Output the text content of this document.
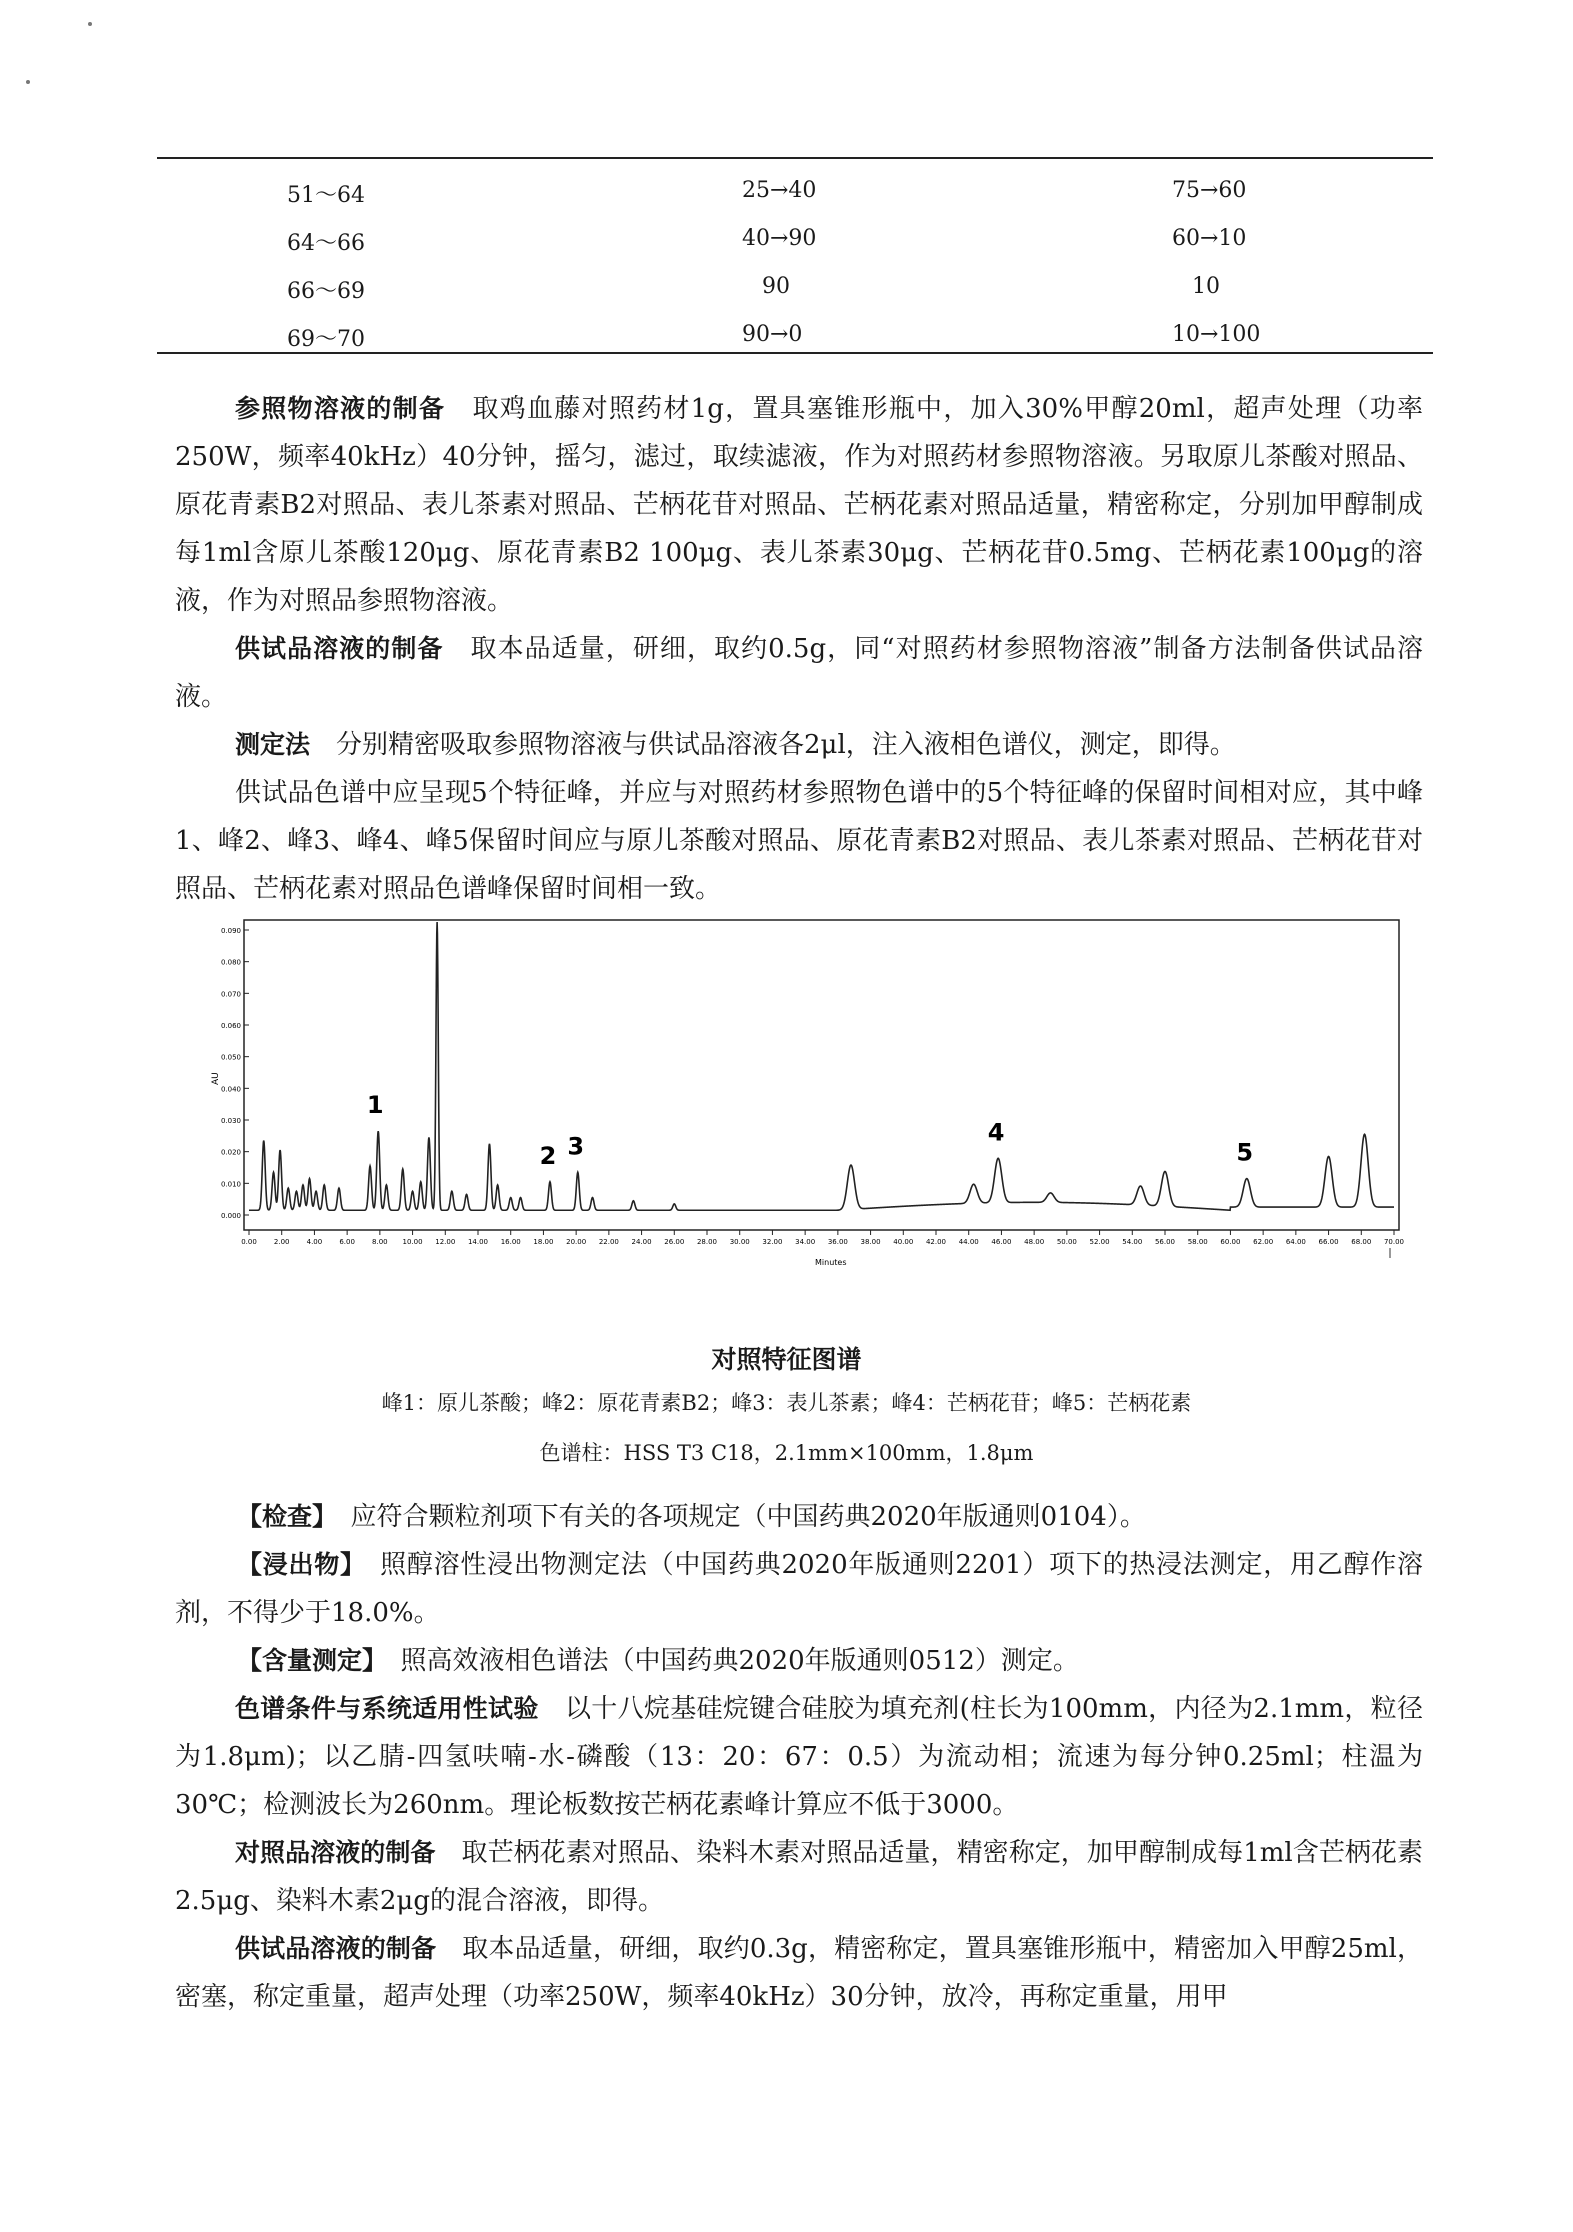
51～64	25→40	75→60
64～66	40→90	60→10
66～69	90	10
69～70	90→0	10→100

参照物溶液的制备　取鸡血藤对照药材1g，置具塞锥形瓶中，加入30%甲醇20ml，超声处理（功率250W，频率40kHz）40分钟，摇匀，滤过，取续滤液，作为对照药材参照物溶液。另取原儿茶酸对照品、原花青素B2对照品、表儿茶素对照品、芒柄花苷对照品、芒柄花素对照品适量，精密称定，分别加甲醇制成每1ml含原儿茶酸120μg、原花青素B2 100μg、表儿茶素30μg、芒柄花苷0.5mg、芒柄花素100μg的溶液，作为对照品参照物溶液。

供试品溶液的制备　取本品适量，研细，取约0.5g，同“对照药材参照物溶液”制备方法制备供试品溶液。

测定法　分别精密吸取参照物溶液与供试品溶液各2μl，注入液相色谱仪，测定，即得。

供试品色谱中应呈现5个特征峰，并应与对照药材参照物色谱中的5个特征峰的保留时间相对应，其中峰1、峰2、峰3、峰4、峰5保留时间应与原儿茶酸对照品、原花青素B2对照品、表儿茶素对照品、芒柄花苷对照品、芒柄花素对照品色谱峰保留时间相一致。

0.000
0.010
0.020
0.030
0.040
0.050
0.060
0.070
0.080
0.090
0.00 2.00 4.00 6.00 8.00 10.00 12.00 14.00 16.00 18.00 20.00 22.00 24.00 26.00 28.00 30.00 32.00 34.00 36.00 38.00 40.00 42.00 44.00 46.00 48.00 50.00 52.00 54.00 56.00 58.00 60.00 62.00 64.00 66.00 68.00 70.00
1
2 3	4
5
AU
Minutes
对照特征图谱
峰1：原儿茶酸；峰2：原花青素B2；峰3：表儿茶素；峰4：芒柄花苷；峰5：芒柄花素
色谱柱：HSS T3 C18，2.1mm×100mm，1.8μm

【检查】　应符合颗粒剂项下有关的各项规定（中国药典2020年版通则0104）。

【浸出物】　照醇溶性浸出物测定法（中国药典2020年版通则2201）项下的热浸法测定，用乙醇作溶剂，不得少于18.0%。

【含量测定】　照高效液相色谱法（中国药典2020年版通则0512）测定。

色谱条件与系统适用性试验　以十八烷基硅烷键合硅胶为填充剂(柱长为100mm，内径为2.1mm，粒径为1.8μm)；以乙腈-四氢呋喃-水-磷酸（13：20：67：0.5）为流动相；流速为每分钟0.25ml；柱温为30℃；检测波长为260nm。理论板数按芒柄花素峰计算应不低于3000。

对照品溶液的制备　取芒柄花素对照品、染料木素对照品适量，精密称定，加甲醇制成每1ml含芒柄花素2.5μg、染料木素2μg的混合溶液，即得。

供试品溶液的制备　取本品适量，研细，取约0.3g，精密称定，置具塞锥形瓶中，精密加入甲醇25ml，密塞，称定重量，超声处理（功率250W，频率40kHz）30分钟，放冷，再称定重量，用甲
